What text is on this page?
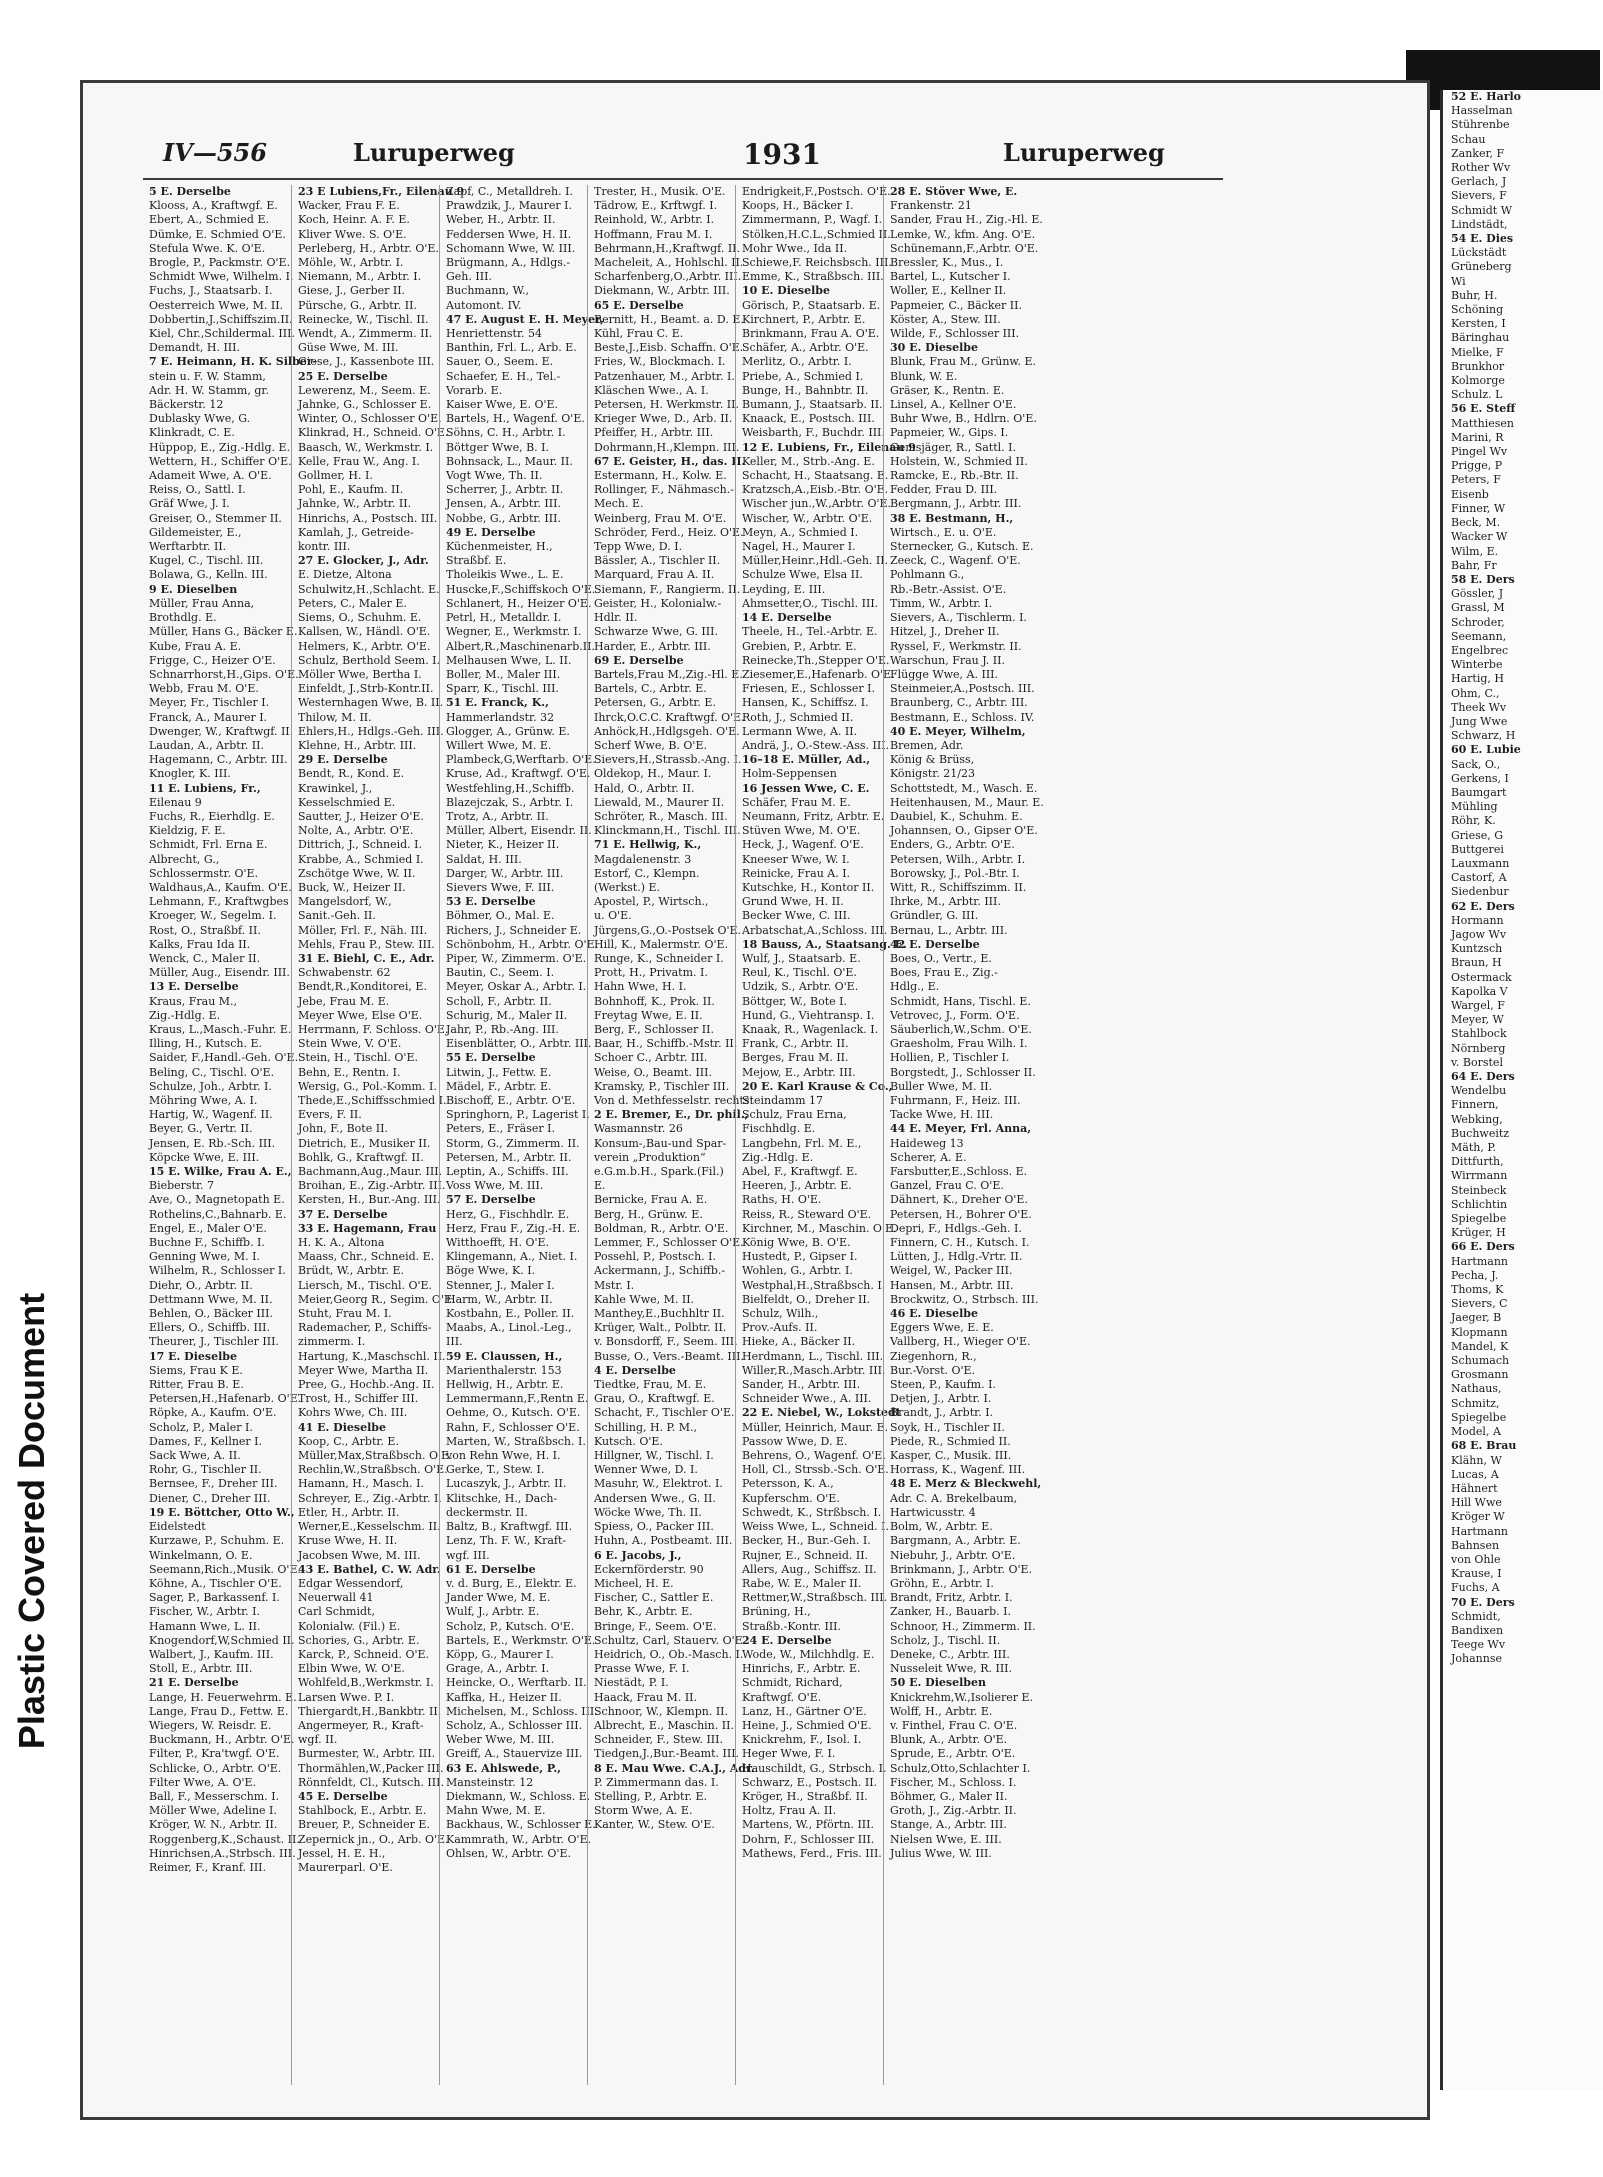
Plastic Covered Document
IV—556	Luruperweg	1931	Luruperweg
5 E. Derselbe
Klooss, A., Kraftwgf. E.
Ebert, A., Schmied E.
Dümke, E. Schmied O'E.
Stefula Wwe. K. O'E.
Brogle, P., Packmstr. O'E.
Schmidt Wwe, Wilhelm. I.
Fuchs, J., Staatsarb. I.
Oesterreich Wwe, M. II.
Dobbertin,J.,Schiffszim.II.
Kiel, Chr.,Schildermal. III.
Demandt, H. III.
7 E. Heimann, H. K. Silber-
stein u. F. W. Stamm,
Adr. H. W. Stamm, gr.
Bäckerstr. 12
Dublasky Wwe, G.
Klinkradt, C. E.
Hüppop, E., Zig.-Hdlg. E.
Wettern, H., Schiffer O'E.
Adameit Wwe, A. O'E.
Reiss, O., Sattl. I.
Gräf Wwe, J. I.
Greiser, O., Stemmer II.
Gildemeister, E.,
Werftarbtr. II.
Kugel, C., Tischl. III.
Bolawa, G., Kelln. III.
9 E. Dieselben
Müller, Frau Anna,
Brothdlg. E.
Müller, Hans G., Bäcker E.
Kube, Frau A. E.
Frigge, C., Heizer O'E.
Schnarrhorst,H.,Gips. O'E.
Webb, Frau M. O'E.
Meyer, Fr., Tischler I.
Franck, A., Maurer I.
Dwenger, W., Kraftwgf. II.
Laudan, A., Arbtr. II.
Hagemann, C., Arbtr. III.
Knogler, K. III.
11 E. Lubiens, Fr.,
Eilenau 9
Fuchs, R., Eierhdlg. E.
Kieldzig, F. E.
Schmidt, Frl. Erna E.
Albrecht, G.,
Schlossermstr. O'E.
Waldhaus,A., Kaufm. O'E.
Lehmann, F., Kraftwgbes
Kroeger, W., Segelm. I.
Rost, O., Straßbf. II.
Kalks, Frau Ida II.
Wenck, C., Maler II.
Müller, Aug., Eisendr. III.
13 E. Derselbe
Kraus, Frau M.,
Zig.-Hdlg. E.
Kraus, L.,Masch.-Fuhr. E.
Illing, H., Kutsch. E.
Saider, F.,Handl.-Geh. O'E.
Beling, C., Tischl. O'E.
Schulze, Joh., Arbtr. I.
Möhring Wwe, A. I.
Hartig, W., Wagenf. II.
Beyer, G., Vertr. II.
Jensen, E. Rb.-Sch. III.
Köpcke Wwe, E. III.
15 E. Wilke, Frau A. E.,
Bieberstr. 7
Ave, O., Magnetopath E.
Rothelins,C.,Bahnarb. E.
Engel, E., Maler O'E.
Buchne F., Schiffb. I.
Genning Wwe, M. I.
Wilhelm, R., Schlosser I.
Diehr, O., Arbtr. II.
Dettmann Wwe, M. II.
Behlen, O., Bäcker III.
Ellers, O., Schiffb. III.
Theurer, J., Tischler III.
17 E. Dieselbe
Siems, Frau K E.
Ritter, Frau B. E.
Petersen,H.,Hafenarb. O'E.
Röpke, A., Kaufm. O'E.
Scholz, P., Maler I.
Dames, F., Kellner I.
Sack Wwe, A. II.
Rohr, G., Tischler II.
Bernsee, F., Dreher III.
Diener, C., Dreher III.
19 E. Böttcher, Otto W.,
Eidelstedt
Kurzawe, P., Schuhm. E.
Winkelmann, O. E.
Seemann,Rich.,Musik. O'E.
Köhne, A., Tischler O'E.
Sager, P., Barkassenf. I.
Fischer, W., Arbtr. I.
Hamann Wwe, L. II.
Knogendorf,W,Schmied II.
Walbert, J., Kaufm. III.
Stoll, E., Arbtr. III.
21 E. Derselbe
Lange, H. Feuerwehrm. E.
Lange, Frau D., Fettw. E.
Wiegers, W. Reisdr. E.
Buckmann, H., Arbtr. O'E.
Filter, P., Kra'twgf. O'E.
Schlicke, O., Arbtr. O'E.
Filter Wwe, A. O'E.
Ball, F., Messerschm. I.
Möller Wwe, Adeline I.
Kröger, W. N., Arbtr. II.
Roggenberg,K.,Schaust. II.
Hinrichsen,A.,Strbsch. III.
Reimer, F., Kranf. III.
23 E Lubiens,Fr., Eilenau 9
Wacker, Frau F. E.
Koch, Heinr. A. F. E.
Kliver Wwe. S. O'E.
Perleberg, H., Arbtr. O'E.
Möhle, W., Arbtr. I.
Niemann, M., Arbtr. I.
Giese, J., Gerber II.
Pürsche, G., Arbtr. II.
Reinecke, W., Tischl. II.
Wendt, A., Zimmerm. II.
Güse Wwe, M. III.
Giese, J., Kassenbote III.
25 E. Derselbe
Lewerenz, M., Seem. E.
Jahnke, G., Schlosser E.
Winter, O., Schlosser O'E.
Klinkrad, H., Schneid. O'E.
Baasch, W., Werkmstr. I.
Kelle, Frau W., Ang. I.
Gollmer, H. I.
Pohl, E., Kaufm. II.
Jahnke, W., Arbtr. II.
Hinrichs, A., Postsch. III.
Kamlah, J., Getreide-
kontr. III.
27 E. Glocker, J., Adr.
E. Dietze, Altona
Schulwitz,H.,Schlacht. E.
Peters, C., Maler E.
Siems, O., Schuhm. E.
Kallsen, W., Händl. O'E.
Helmers, K., Arbtr. O'E.
Schulz, Berthold Seem. I.
Möller Wwe, Bertha I.
Einfeldt, J.,Strb-Kontr.II.
Westernhagen Wwe, B. II.
Thilow, M. II.
Ehlers,H., Hdlgs.-Geh. III.
Klehne, H., Arbtr. III.
29 E. Derselbe
Bendt, R., Kond. E.
Krawinkel, J.,
Kesselschmied E.
Sautter, J., Heizer O'E.
Nolte, A., Arbtr. O'E.
Dittrich, J., Schneid. I.
Krabbe, A., Schmied I.
Zschötge Wwe, W. II.
Buck, W., Heizer II.
Mangelsdorf, W.,
Sanit.-Geh. II.
Möller, Frl. F., Näh. III.
Mehls, Frau P., Stew. III.
31 E. Biehl, C. E., Adr.
Schwabenstr. 62
Bendt,R.,Konditorei, E.
Jebe, Frau M. E.
Meyer Wwe, Else O'E.
Herrmann, F. Schloss. O'E.
Stein Wwe, V. O'E.
Stein, H., Tischl. O'E.
Behn, E., Rentn. I.
Wersig, G., Pol.-Komm. I.
Thede,E.,Schiffsschmied I.
Evers, F. II.
John, F., Bote II.
Dietrich, E., Musiker II.
Bohlk, G., Kraftwgf. II.
Bachmann,Aug.,Maur. III.
Broihan, E., Zig.-Arbtr. III.
Kersten, H., Bur.-Ang. III.
37 E. Derselbe
33 E. Hagemann, Frau
H. K. A., Altona
Maass, Chr., Schneid. E.
Brüdt, W., Arbtr. E.
Liersch, M., Tischl. O'E.
Meier,Georg R., Segim. O'E.
Stuht, Frau M. I.
Rademacher, P., Schiffs-
zimmerm. I.
Hartung, K.,Maschschl. II.
Meyer Wwe, Martha II.
Pree, G., Hochb.-Ang. II.
Trost, H., Schiffer III.
Kohrs Wwe, Ch. III.
41 E. Dieselbe
Koop, C., Arbtr. E.
Müller,Max,Straßbsch. O'E.
Rechlin,W.,Straßbsch. O'E.
Hamann, H., Masch. I.
Schreyer, E., Zig.-Arbtr. I.
Etler, H., Arbtr. II.
Werner,E.,Kesselschm. II.
Kruse Wwe, H. II.
Jacobsen Wwe, M. III.
43 E. Bathel, C. W. Adr.
Edgar Wessendorf,
Neuerwall 41
Carl Schmidt,
Kolonialw. (Fil.) E.
Schories, G., Arbtr. E.
Karck, P., Schneid. O'E.
Elbin Wwe, W. O'E.
Wohlfeld,B.,Werkmstr. I.
Larsen Wwe. P. I.
Thiergardt,H.,Bankbtr. II.
Angermeyer, R., Kraft-
wgf. II.
Burmester, W., Arbtr. III.
Thormählen,W.,Packer III.
Rönnfeldt, Cl., Kutsch. III.
45 E. Derselbe
Stahlbock, E., Arbtr. E.
Breuer, P., Schneider E.
Zepernick jn., O., Arb. O'E.
Jessel, H. E. H.,
Maurerparl. O'E.
Zapf, C., Metalldreh. I.
Prawdzik, J., Maurer I.
Weber, H., Arbtr. II.
Feddersen Wwe, H. II.
Schomann Wwe, W. III.
Brügmann, A., Hdlgs.-
Geh. III.
Buchmann, W.,
Automont. IV.
47 E. August E. H. Meyer,
Henriettenstr. 54
Banthin, Frl. L., Arb. E.
Sauer, O., Seem. E.
Schaefer, E. H., Tel.-
Vorarb. E.
Kaiser Wwe, E. O'E.
Bartels, H., Wagenf. O'E.
Söhns, C. H., Arbtr. I.
Böttger Wwe, B. I.
Bohnsack, L., Maur. II.
Vogt Wwe, Th. II.
Scherrer, J., Arbtr. II.
Jensen, A., Arbtr. III.
Nobbe, G., Arbtr. III.
49 E. Derselbe
Küchenmeister, H.,
Straßbf. E.
Tholeikis Wwe., L. E.
Huscke,F.,Schiffskoch O'E.
Schlanert, H., Heizer O'E.
Petrl, H., Metalldr. I.
Wegner, E., Werkmstr. I.
Albert,R.,Maschinenarb.II.
Melhausen Wwe, L. II.
Boller, M., Maler III.
Sparr, K., Tischl. III.
51 E. Franck, K.,
Hammerlandstr. 32
Glogger, A., Grünw. E.
Willert Wwe, M. E.
Plambeck,G,Werftarb. O'E.
Kruse, Ad., Kraftwgf. O'E.
Westfehling,H.,Schiffb.
Blazejczak, S., Arbtr. I.
Trotz, A., Arbtr. II.
Müller, Albert, Eisendr. II.
Nieter, K., Heizer II.
Saldat, H. III.
Darger, W., Arbtr. III.
Sievers Wwe, F. III.
53 E. Derselbe
Böhmer, O., Mal. E.
Richers, J., Schneider E.
Schönbohm, H., Arbtr. O'E.
Piper, W., Zimmerm. O'E.
Bautin, C., Seem. I.
Meyer, Oskar A., Arbtr. I.
Scholl, F., Arbtr. II.
Schurig, M., Maler II.
Jahr, P., Rb.-Ang. III.
Eisenblätter, O., Arbtr. III.
55 E. Derselbe
Litwin, J., Fettw. E.
Mädel, F., Arbtr. E.
Bischoff, E., Arbtr. O'E.
Springhorn, P., Lagerist I.
Peters, E., Fräser I.
Storm, G., Zimmerm. II.
Petersen, M., Arbtr. II.
Leptin, A., Schiffs. III.
Voss Wwe, M. III.
57 E. Derselbe
Herz, G., Fischhdlr. E.
Herz, Frau F., Zig.-H. E.
Witthoefft, H. O'E.
Klingemann, A., Niet. I.
Böge Wwe, K. I.
Stenner, J., Maler I.
Harm, W., Arbtr. II.
Kostbahn, E., Poller. II.
Maabs, A., Linol.-Leg.,
III.
59 E. Claussen, H.,
Marienthalerstr. 153
Hellwig, H., Arbtr. E.
Lemmermann,F.,Rentn E.
Oehme, O., Kutsch. O'E.
Rahn, F., Schlosser O'E.
Marten, W., Straßbsch. I.
von Rehn Wwe, H. I.
Gerke, T., Stew. I.
Lucaszyk, J., Arbtr. II.
Klitschke, H., Dach-
deckermstr. II.
Baltz, B., Kraftwgf. III.
Lenz, Th. F. W., Kraft-
wgf. III.
61 E. Derselbe
v. d. Burg, E., Elektr. E.
Jander Wwe, M. E.
Wulf, J., Arbtr. E.
Scholz, P., Kutsch. O'E.
Bartels, E., Werkmstr. O'E.
Köpp, G., Maurer I.
Grage, A., Arbtr. I.
Heincke, O., Werftarb. II.
Kaffka, H., Heizer II.
Michelsen, M., Schloss. III.
Scholz, A., Schlosser III.
Weber Wwe, M. III.
Greiff, A., Stauervize III.
63 E. Ahlswede, P.,
Mansteinstr. 12
Diekmann, W., Schloss. E.
Mahn Wwe, M. E.
Backhaus, W., Schlosser E.
Kammrath, W., Arbtr. O'E.
Ohlsen, W., Arbtr. O'E.
Trester, H., Musik. O'E.
Tädrow, E., Krftwgf. I.
Reinhold, W., Arbtr. I.
Hoffmann, Frau M. I.
Behrmann,H.,Kraftwgf. II.
Macheleit, A., Hohlschl. II.
Scharfenberg,O.,Arbtr. III.
Diekmann, W., Arbtr. III.
65 E. Derselbe
Bernitt, H., Beamt. a. D. E.
Kühl, Frau C. E.
Beste,J.,Eisb. Schaffn. O'E.
Fries, W., Blockmach. I.
Patzenhauer, M., Arbtr. I.
Kläschen Wwe., A. I.
Petersen, H. Werkmstr. II.
Krieger Wwe, D., Arb. II.
Pfeiffer, H., Arbtr. III.
Dohrmann,H.,Klempn. III.
67 E. Geister, H., das. II.
Estermann, H., Kolw. E.
Rollinger, F., Nähmasch.-
Mech. E.
Weinberg, Frau M. O'E.
Schröder, Ferd., Heiz. O'E.
Tepp Wwe, D. I.
Bässler, A., Tischler II.
Marquard, Frau A. II.
Siemann, F., Rangierm. II.
Geister, H., Kolonialw.-
Hdlr. II.
Schwarze Wwe, G. III.
Harder, E., Arbtr. III.
69 E. Derselbe
Bartels,Frau M.,Zig.-Hl. E.
Bartels, C., Arbtr. E.
Petersen, G., Arbtr. E.
Ihrck,O.C.C. Kraftwgf. O'E.
Anhöck,H.,Hdlgsgeh. O'E.
Scherf Wwe, B. O'E.
Sievers,H.,Strassb.-Ang. I.
Oldekop, H., Maur. I.
Hald, O., Arbtr. II.
Liewald, M., Maurer II.
Schröter, R., Masch. III.
Klinckmann,H., Tischl. III.
71 E. Hellwig, K.,
Magdalenenstr. 3
Estorf, C., Klempn.
(Werkst.) E.
Apostel, P., Wirtsch.,
u. O'E.
Jürgens,G.,O.-Postsek O'E.
Hill, K., Malermstr. O'E.
Runge, K., Schneider I.
Prott, H., Privatm. I.
Hahn Wwe, H. I.
Bohnhoff, K., Prok. II.
Freytag Wwe, E. II.
Berg, F., Schlosser II.
Baar, H., Schiffb.-Mstr. II.
Schoer C., Arbtr. III.
Weise, O., Beamt. III.
Kramsky, P., Tischler III.
Von d. Methfesselstr. rechts:
2 E. Bremer, E., Dr. phil.,
Wasmannstr. 26
Konsum-,Bau-und Spar-
verein „Produktion“
e.G.m.b.H., Spark.(Fil.)
E.
Bernicke, Frau A. E.
Berg, H., Grünw. E.
Boldman, R., Arbtr. O'E.
Lemmer, F., Schlosser O'E.
Possehl, P., Postsch. I.
Ackermann, J., Schiffb.-
Mstr. I.
Kahle Wwe, M. II.
Manthey,E.,Buchhltr II.
Krüger, Walt., Polbtr. II.
v. Bonsdorff, F., Seem. III.
Busse, O., Vers.-Beamt. III.
4 E. Derselbe
Tiedtke, Frau, M. E.
Grau, O., Kraftwgf. E.
Schacht, F., Tischler O'E.
Schilling, H. P. M.,
Kutsch. O'E.
Hillgner, W., Tischl. I.
Wenner Wwe, D. I.
Masuhr, W., Elektrot. I.
Andersen Wwe., G. II.
Wöcke Wwe, Th. II.
Spiess, O., Packer III.
Huhn, A., Postbeamt. III.
6 E. Jacobs, J.,
Eckernförderstr. 90
Micheel, H. E.
Fischer, C., Sattler E.
Behr, K., Arbtr. E.
Bringe, F., Seem. O'E.
Schultz, Carl, Stauerv. O'E.
Heidrich, O., Ob.-Masch. I.
Prasse Wwe, F. I.
Niestädt, P. I.
Haack, Frau M. II.
Schnoor, W., Klempn. II.
Albrecht, E., Maschin. II.
Schneider, F., Stew. III.
Tiedgen,J.,Bur.-Beamt. III.
8 E. Mau Wwe. C.A.J., Adr.
P. Zimmermann das. I.
Stelling, P., Arbtr. E.
Storm Wwe, A. E.
Kanter, W., Stew. O'E.
Endrigkeit,F.,Postsch. O'E.
Koops, H., Bäcker I.
Zimmermann, P., Wagf. I.
Stölken,H.C.L.,Schmied II.
Mohr Wwe., Ida II.
Schiewe,F. Reichsbsch. III.
Emme, K., Straßbsch. III.
10 E. Dieselbe
Görisch, P., Staatsarb. E.
Kirchnert, P., Arbtr. E.
Brinkmann, Frau A. O'E.
Schäfer, A., Arbtr. O'E.
Merlitz, O., Arbtr. I.
Priebe, A., Schmied I.
Bunge, H., Bahnbtr. II.
Bumann, J., Staatsarb. II.
Knaack, E., Postsch. III.
Weisbarth, F., Buchdr. III.
12 E. Lubiens, Fr., Eilenau 9
Keller, M., Strb.-Ang. E.
Schacht, H., Staatsang. E.
Kratzsch,A.,Eisb.-Btr. O'E.
Wischer jun.,W.,Arbtr. O'E.
Wischer, W., Arbtr. O'E.
Meyn, A., Schmied I.
Nagel, H., Maurer I.
Müller,Heinr.,Hdl.-Geh. II.
Schulze Wwe, Elsa II.
Leyding, E. III.
Ahmsetter,O., Tischl. III.
14 E. Derselbe
Theele, H., Tel.-Arbtr. E.
Grebien, P., Arbtr. E.
Reinecke,Th.,Stepper O'E.
Ziesemer,E.,Hafenarb. O'E.
Friesen, E., Schlosser I.
Hansen, K., Schiffsz. I.
Roth, J., Schmied II.
Lermann Wwe, A. II.
Andrä, J., O.-Stew.-Ass. III.
16–18 E. Müller, Ad.,
Holm-Seppensen
16 Jessen Wwe, C. E.
Schäfer, Frau M. E.
Neumann, Fritz, Arbtr. E.
Stüven Wwe, M. O'E.
Heck, J., Wagenf. O'E.
Kneeser Wwe, W. I.
Reinicke, Frau A. I.
Kutschke, H., Kontor II.
Grund Wwe, H. II.
Becker Wwe, C. III.
Arbatschat,A.,Schloss. III.
18 Bauss, A., Staatsang. E.
Wulf, J., Staatsarb. E.
Reul, K., Tischl. O'E.
Udzik, S., Arbtr. O'E.
Böttger, W., Bote I.
Hund, G., Viehtransp. I.
Knaak, R., Wagenlack. I.
Frank, C., Arbtr. II.
Berges, Frau M. II.
Mejow, E., Arbtr. III.
20 E. Karl Krause & Co.,
Steindamm 17
Schulz, Frau Erna,
Fischhdlg. E.
Langbehn, Frl. M. E.,
Zig.-Hdlg. E.
Abel, F., Kraftwgf. E.
Heeren, J., Arbtr. E.
Raths, H. O'E.
Reiss, R., Steward O'E.
Kirchner, M., Maschin. O'E.
König Wwe, B. O'E.
Hustedt, P., Gipser I.
Wohlen, G., Arbtr. I.
Westphal,H.,Straßbsch. I.
Bielfeldt, O., Dreher II.
Schulz, Wilh.,
Prov.-Aufs. II.
Hieke, A., Bäcker II.
Herdmann, L., Tischl. III.
Willer,R.,Masch.Arbtr. III.
Sander, H., Arbtr. III.
Schneider Wwe., A. III.
22 E. Niebel, W., Lokstedt
Müller, Heinrich, Maur. E.
Passow Wwe, D. E.
Behrens, O., Wagenf. O'E.
Holl, Cl., Strssb.-Sch. O'E.
Petersson, K. A.,
Kupferschm. O'E.
Schwedt, K., Strßbsch. I.
Weiss Wwe, L., Schneid. I.
Becker, H., Bur.-Geh. I.
Rujner, E., Schneid. II.
Allers, Aug., Schiffsz. II.
Rabe, W. E., Maler II.
Rettmer,W.,Straßbsch. III.
Brüning, H.,
Straßb.-Kontr. III.
24 E. Derselbe
Wode, W., Milchhdlg. E.
Hinrichs, F., Arbtr. E.
Schmidt, Richard,
Kraftwgf. O'E.
Lanz, H., Gärtner O'E.
Heine, J., Schmied O'E.
Knickrehm, F., Isol. I.
Heger Wwe, F. I.
Hauschildt, G., Strbsch. I.
Schwarz, E., Postsch. II.
Kröger, H., Straßbf. II.
Holtz, Frau A. II.
Martens, W., Pförtn. III.
Dohrn, F., Schlosser III.
Mathews, Ferd., Fris. III.
28 E. Stöver Wwe, E.
Frankenstr. 21
Sander, Frau H., Zig.-Hl. E.
Lemke, W., kfm. Ang. O'E.
Schünemann,F.,Arbtr. O'E.
Bressler, K., Mus., I.
Bartel, L., Kutscher I.
Woller, E., Kellner II.
Papmeier, C., Bäcker II.
Köster, A., Stew. III.
Wilde, F., Schlosser III.
30 E. Dieselbe
Blunk, Frau M., Grünw. E.
Blunk, W. E.
Gräser, K., Rentn. E.
Linsel, A., Kellner O'E.
Buhr Wwe, B., Hdlrn. O'E.
Papmeier, W., Gips. I.
Gemsjäger, R., Sattl. I.
Holstein, W., Schmied II.
Ramcke, E., Rb.-Btr. II.
Fedder, Frau D. III.
Bergmann, J., Arbtr. III.
38 E. Bestmann, H.,
Wirtsch., E. u. O'E.
Sternecker, G., Kutsch. E.
Zeeck, C., Wagenf. O'E.
Pohlmann G.,
Rb.-Betr.-Assist. O'E.
Timm, W., Arbtr. I.
Sievers, A., Tischlerm. I.
Hitzel, J., Dreher II.
Ryssel, F., Werkmstr. II.
Warschun, Frau J. II.
Flügge Wwe, A. III.
Steinmeier,A.,Postsch. III.
Braunberg, C., Arbtr. III.
Bestmann, E., Schloss. IV.
40 E. Meyer, Wilhelm,
Bremen, Adr.
König & Brüss,
Königstr. 21/23
Schottstedt, M., Wasch. E.
Heitenhausen, M., Maur. E.
Daubiel, K., Schuhm. E.
Johannsen, O., Gipser O'E.
Enders, G., Arbtr. O'E.
Petersen, Wilh., Arbtr. I.
Borowsky, J., Pol.-Btr. I.
Witt, R., Schiffszimm. II.
Ihrke, M., Arbtr. III.
Gründler, G. III.
Bernau, L., Arbtr. III.
42 E. Derselbe
Boes, O., Vertr., E.
Boes, Frau E., Zig.-
Hdlg., E.
Schmidt, Hans, Tischl. E.
Vetrovec, J., Form. O'E.
Säuberlich,W.,Schm. O'E.
Graesholm, Frau Wilh. I.
Hollien, P., Tischler I.
Borgstedt, J., Schlosser II.
Buller Wwe, M. II.
Fuhrmann, F., Heiz. III.
Tacke Wwe, H. III.
44 E. Meyer, Frl. Anna,
Haideweg 13
Scherer, A. E.
Farsbutter,E.,Schloss. E.
Ganzel, Frau C. O'E.
Dähnert, K., Dreher O'E.
Petersen, H., Bohrer O'E.
Depri, F., Hdlgs.-Geh. I.
Finnern, C. H., Kutsch. I.
Lütten, J., Hdlg.-Vrtr. II.
Weigel, W., Packer III.
Hansen, M., Arbtr. III.
Brockwitz, O., Strbsch. III.
46 E. Dieselbe
Eggers Wwe, E. E.
Vallberg, H., Wieger O'E.
Ziegenhorn, R.,
Bur.-Vorst. O'E.
Steen, P., Kaufm. I.
Detjen, J., Arbtr. I.
Brandt, J., Arbtr. I.
Soyk, H., Tischler II.
Piede, R., Schmied II.
Kasper, C., Musik. III.
Horrass, K., Wagenf. III.
48 E. Merz & Bleckwehl,
Adr. C. A. Brekelbaum,
Hartwicusstr. 4
Bolm, W., Arbtr. E.
Bargmann, A., Arbtr. E.
Niebuhr, J., Arbtr. O'E.
Brinkmann, J., Arbtr. O'E.
Gröhn, E., Arbtr. I.
Brandt, Fritz, Arbtr. I.
Zanker, H., Bauarb. I.
Schnoor, H., Zimmerm. II.
Scholz, J., Tischl. II.
Deneke, C., Arbtr. III.
Nusseleit Wwe, R. III.
50 E. Dieselben
Knickrehm,W.,Isolierer E.
Wolff, H., Arbtr. E.
v. Finthel, Frau C. O'E.
Blunk, A., Arbtr. O'E.
Sprude, E., Arbtr. O'E.
Schulz,Otto,Schlachter I.
Fischer, M., Schloss. I.
Böhmer, G., Maler II.
Groth, J., Zig.-Arbtr. II.
Stange, A., Arbtr. III.
Nielsen Wwe, E. III.
Julius Wwe, W. III.
52 E. Harlo
Hasselman
Stührenbe
Schau
Zanker, F
Rother Wv
Gerlach, J
Sievers, F
Schmidt W
Lindstädt,
54 E. Dies
Lückstädt
Grüneberg
Wi
Buhr, H.
Schöning
Kersten, I
Bäringhau
Mielke, F
Brunkhor
Kolmorge
Schulz. L
56 E. Steff
Matthiesen
Marini, R
Pingel Wv
Prigge, P
Peters, F
Eisenb
Finner, W
Beck, M.
Wacker W
Wilm, E.
Bahr, Fr
58 E. Ders
Gössler, J
Grassl, M
Schroder,
Seemann,
Engelbrec
Winterbe
Hartig, H
Ohm, C.,
Theek Wv
Jung Wwe
Schwarz, H
60 E. Lubie
Sack, O.,
Gerkens, I
Baumgart
Mühling
Röhr, K.
Griese, G
Buttgerei
Lauxmann
Castorf, A
Siedenbur
62 E. Ders
Hormann
Jagow Wv
Kuntzsch
Braun, H
Ostermack
Kapolka V
Wargel, F
Meyer, W
Stahlbock
Nörnberg
v. Borstel
64 E. Ders
Wendelbu
Finnern,
Webking,
Buchweitz
Mäth, P.
Dittfurth,
Wirrmann
Steinbeck
Schlichtin
Spiegelbe
Krüger, H
66 E. Ders
Hartmann
Pecha, J.
Thoms, K
Sievers, C
Jaeger, B
Klopmann
Mandel, K
Schumach
Grosmann
Nathaus,
Schmitz,
Spiegelbe
Model, A
68 E. Brau
Klähn, W
Lucas, A
Hähnert
Hill Wwe
Kröger W
Hartmann
Bahnsen
von Ohle
Krause, I
Fuchs, A
70 E. Ders
Schmidt,
Bandixen
Teege Wv
Johannse
